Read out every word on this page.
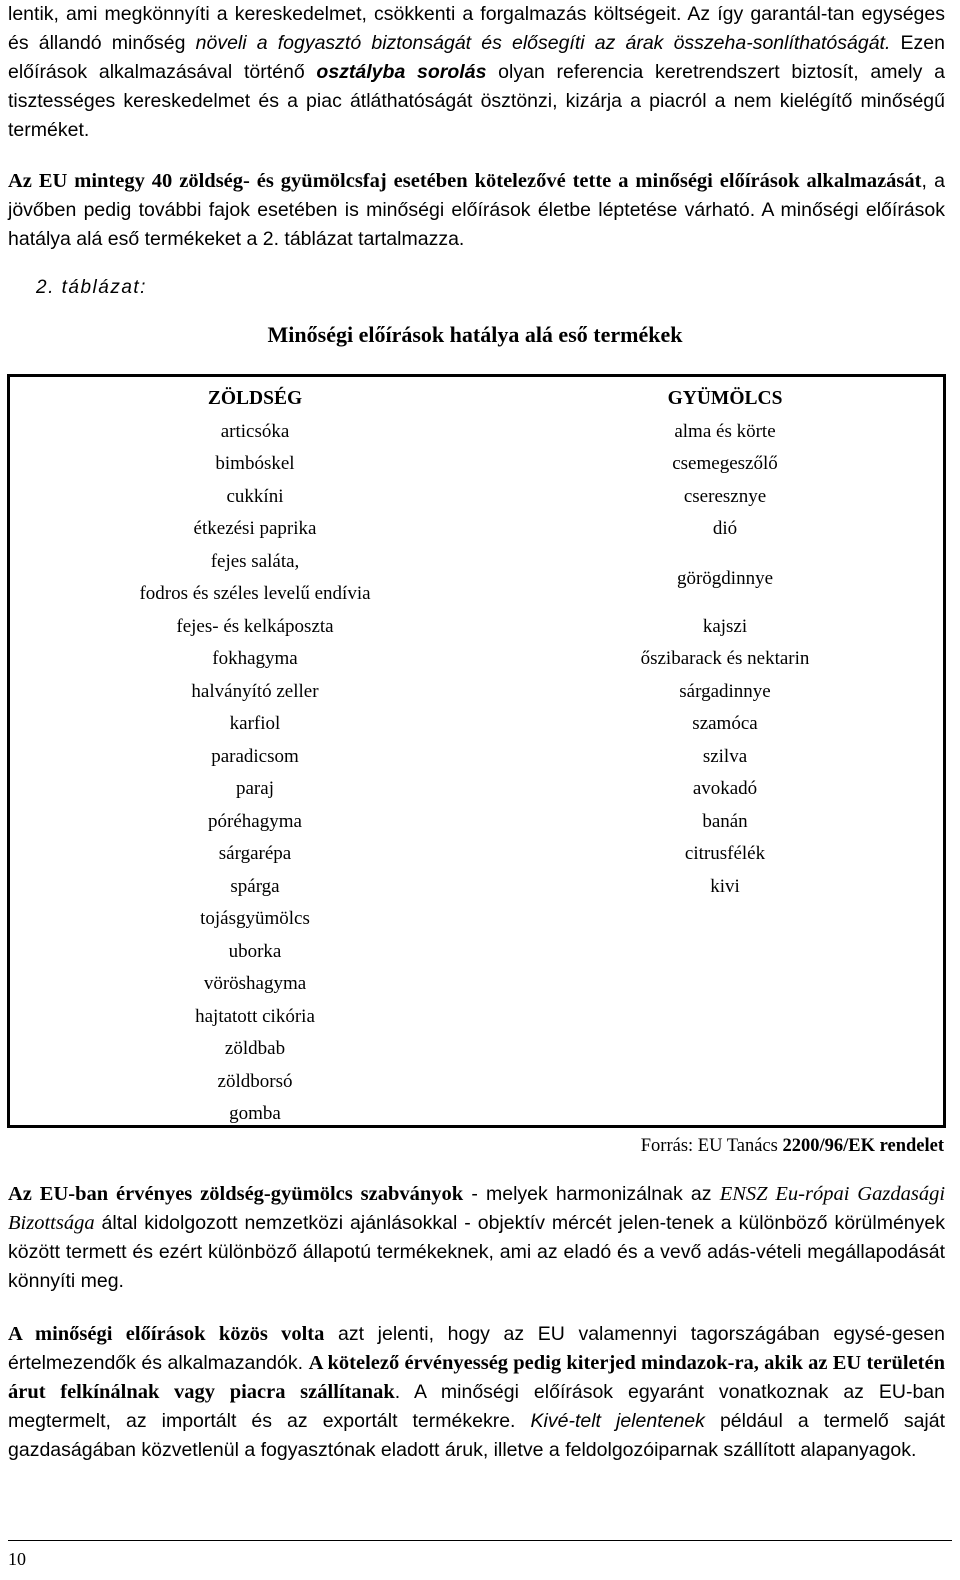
lentik, ami megkönnyíti a kereskedelmet, csökkenti a forgalmazás költségeit. Az így garantál-tan egységes és állandó minőség növeli a fogyasztó biztonságát és elősegíti az árak összeha-sonlíthatóságát. Ezen előírások alkalmazásával történő osztályba sorolás olyan referencia keretrendszert biztosít, amely a tisztességes kereskedelmet és a piac átláthatóságát ösztönzi, kizárja a piacról a nem kielégítő minőségű terméket.

Az EU mintegy 40 zöldség- és gyümölcsfaj esetében kötelezővé tette a minőségi előírások alkalmazását, a jövőben pedig további fajok esetében is minőségi előírások életbe léptetése várható. A minőségi előírások hatálya alá eső termékeket a 2. táblázat tartalmazza.

2. táblázat:
Minőségi előírások hatálya alá eső termékek
ZÖLDSÉG
articsóka
bimbóskel
cukkíni
étkezési paprika
fejes saláta,
fodros és széles levelű endívia
fejes- és kelkáposzta
fokhagyma
halványító zeller
karfiol
paradicsom
paraj
póréhagyma
sárgarépa
spárga
tojásgyümölcs
uborka
vöröshagyma
hajtatott cikória
zöldbab
zöldborsó
gomba
GYÜMÖLCS
alma és körte
csemegeszőlő
cseresznye
dió
görögdinnye
kajszi
őszibarack és nektarin
sárgadinnye
szamóca
szilva
avokadó
banán
citrusfélék
kivi
Forrás: EU Tanács 2200/96/EK rendelet

Az EU-ban érvényes zöldség-gyümölcs szabványok - melyek harmonizálnak az ENSZ Eu-rópai Gazdasági Bizottsága által kidolgozott nemzetközi ajánlásokkal - objektív mércét jelen-tenek a különböző körülmények között termett és ezért különböző állapotú termékeknek, ami az eladó és a vevő adás-vételi megállapodását könnyíti meg.

A minőségi előírások közös volta azt jelenti, hogy az EU valamennyi tagországában egysé-gesen értelmezendők és alkalmazandók. A kötelező érvényesség pedig kiterjed mindazok-ra, akik az EU területén árut felkínálnak vagy piacra szállítanak. A minőségi előírások egyaránt vonatkoznak az EU-ban megtermelt, az importált és az exportált termékekre. Kivé-telt jelentenek például a termelő saját gazdaságában közvetlenül a fogyasztónak eladott áruk, illetve a feldolgozóiparnak szállított alapanyagok.

10
